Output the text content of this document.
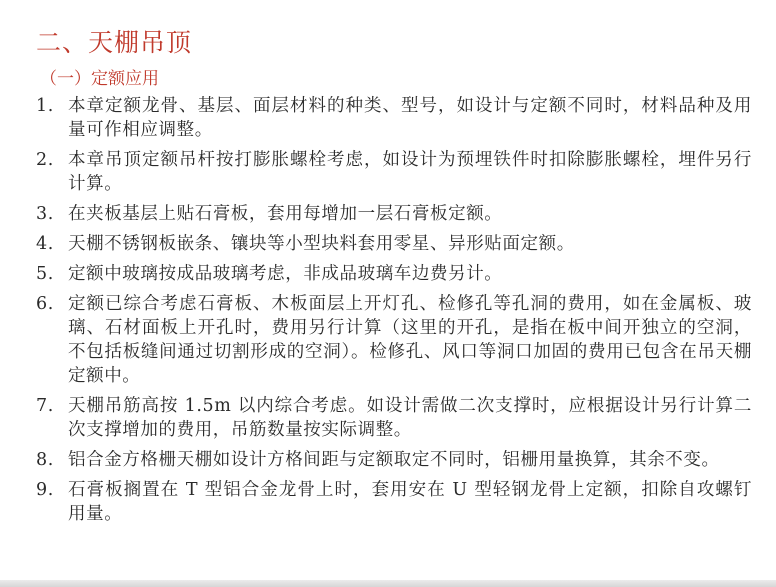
二、天棚吊顶
（一）定额应用
1. 本章定额龙骨、基层、面层材料的种类、型号，如设计与定额不同时，材料品种及用量可作相应调整。
2. 本章吊顶定额吊杆按打膨胀螺栓考虑，如设计为预埋铁件时扣除膨胀螺栓，埋件另行计算。
3. 在夹板基层上贴石膏板，套用每增加一层石膏板定额。
4. 天棚不锈钢板嵌条、镶块等小型块料套用零星、异形贴面定额。
5. 定额中玻璃按成品玻璃考虑，非成品玻璃车边费另计。
6. 定额已综合考虑石膏板、木板面层上开灯孔、检修孔等孔洞的费用，如在金属板、玻璃、石材面板上开孔时，费用另行计算（这里的开孔，是指在板中间开独立的空洞，不包括板缝间通过切割形成的空洞）。检修孔、风口等洞口加固的费用已包含在吊天棚定额中。
7. 天棚吊筋高按 1.5m 以内综合考虑。如设计需做二次支撑时，应根据设计另行计算二次支撑增加的费用，吊筋数量按实际调整。
8. 铝合金方格栅天棚如设计方格间距与定额取定不同时，铝栅用量换算，其余不变。
9. 石膏板搁置在 T 型铝合金龙骨上时，套用安在 U 型轻钢龙骨上定额，扣除自攻螺钉用量。
